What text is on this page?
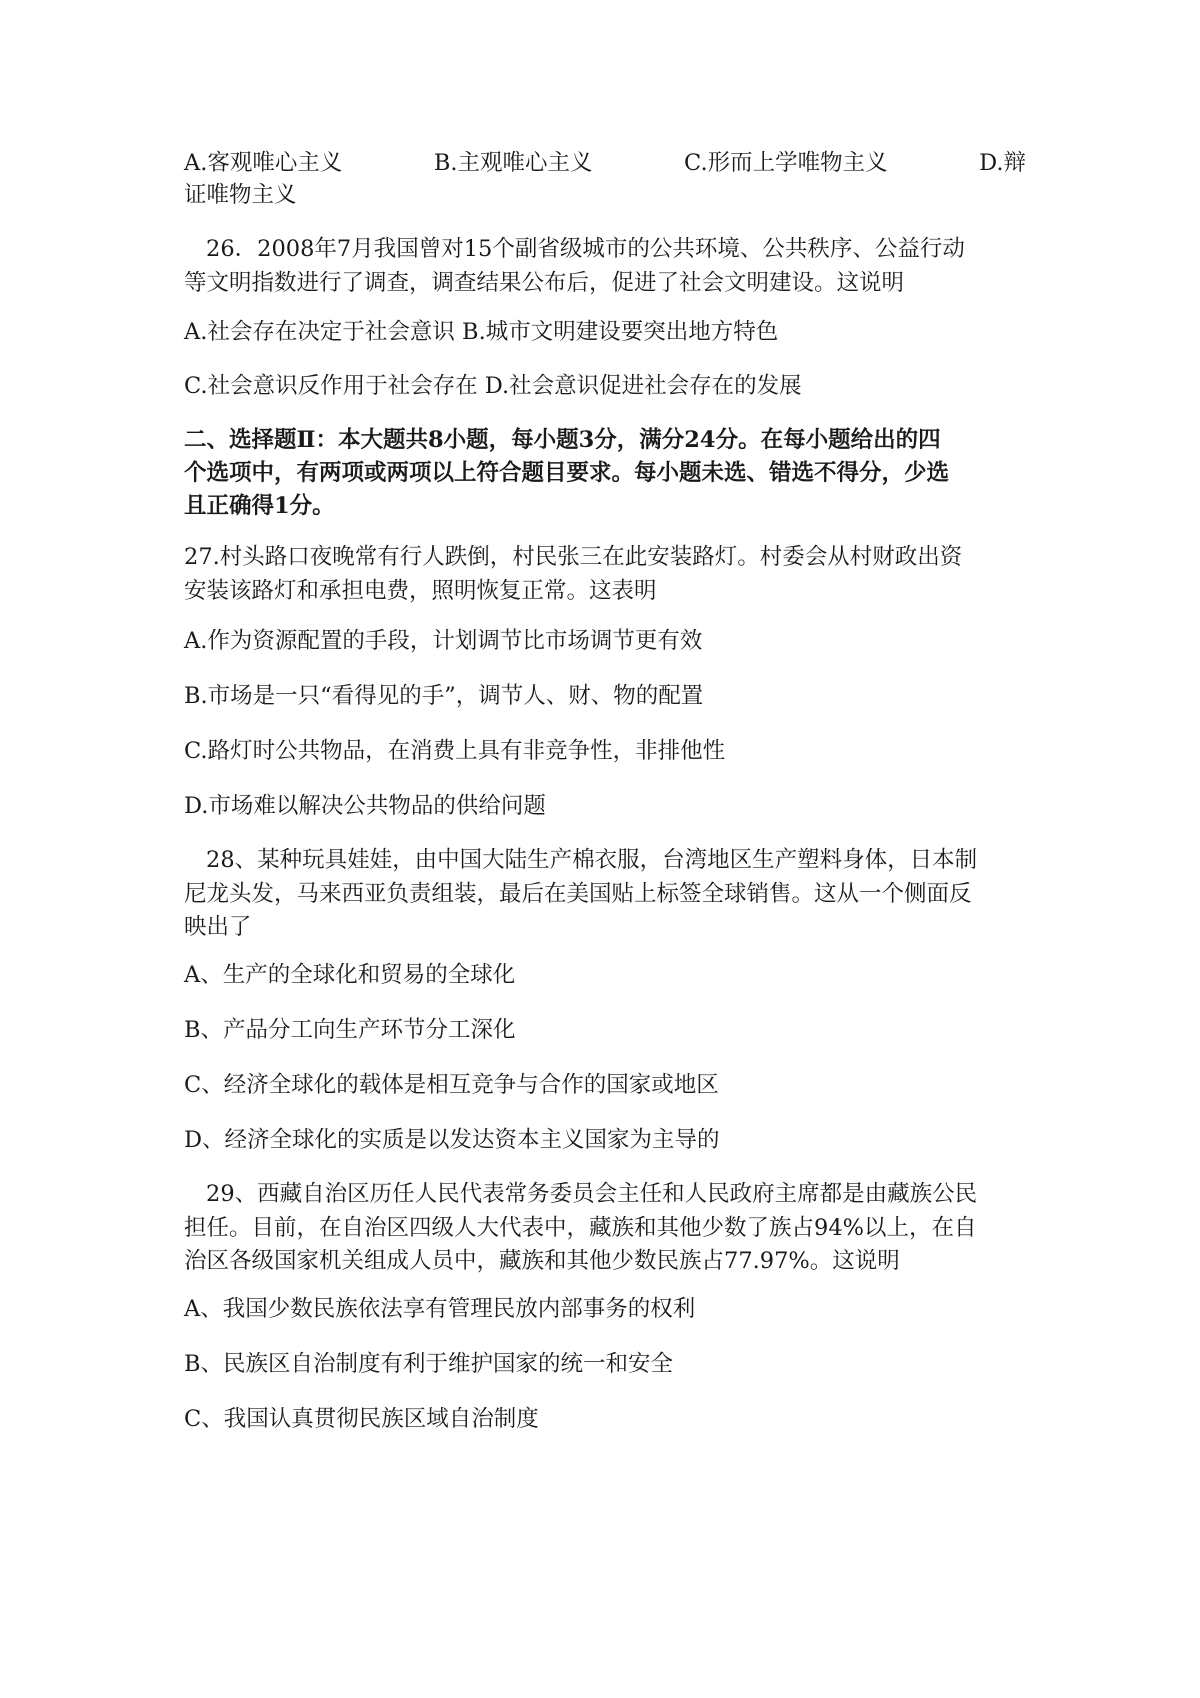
A.客观唯心主义	B.主观唯心主义	C.形而上学唯物主义	D.辩
证唯物主义
26．2008年7月我国曾对15个副省级城市的公共环境、公共秩序、公益行动
等文明指数进行了调查，调查结果公布后，促进了社会文明建设。这说明
A.社会存在决定于社会意识 B.城市文明建设要突出地方特色
C.社会意识反作用于社会存在 D.社会意识促进社会存在的发展
二、选择题Ⅱ：本大题共8小题，每小题3分，满分24分。在每小题给出的四
个选项中，有两项或两项以上符合题目要求。每小题未选、错选不得分，少选
且正确得1分。
27.村头路口夜晚常有行人跌倒，村民张三在此安装路灯。村委会从村财政出资
安装该路灯和承担电费，照明恢复正常。这表明
A.作为资源配置的手段，计划调节比市场调节更有效
B.市场是一只“看得见的手”，调节人、财、物的配置
C.路灯时公共物品，在消费上具有非竞争性，非排他性
D.市场难以解决公共物品的供给问题
28、某种玩具娃娃，由中国大陆生产棉衣服，台湾地区生产塑料身体，日本制
尼龙头发，马来西亚负责组装，最后在美国贴上标签全球销售。这从一个侧面反
映出了
A、生产的全球化和贸易的全球化
B、产品分工向生产环节分工深化
C、经济全球化的载体是相互竞争与合作的国家或地区
D、经济全球化的实质是以发达资本主义国家为主导的
29、西藏自治区历任人民代表常务委员会主任和人民政府主席都是由藏族公民
担任。目前，在自治区四级人大代表中，藏族和其他少数了族占94%以上，在自
治区各级国家机关组成人员中，藏族和其他少数民族占77.97%。这说明
A、我国少数民族依法享有管理民放内部事务的权利
B、民族区自治制度有利于维护国家的统一和安全
C、我国认真贯彻民族区域自治制度
